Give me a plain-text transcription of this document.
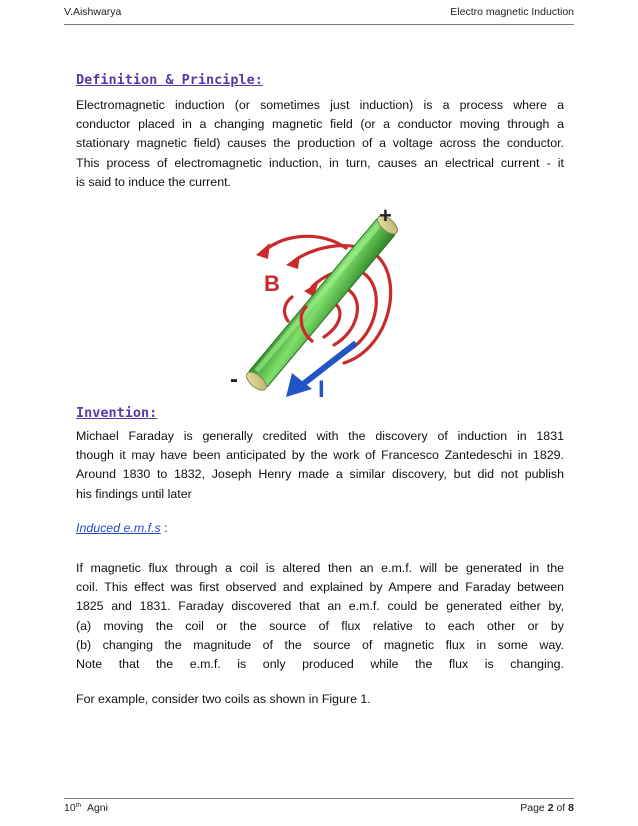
V.Aishwarya	Electro magnetic Induction
Definition & Principle:
Electromagnetic induction (or sometimes just induction) is a process where a
conductor placed in a changing magnetic field (or a conductor moving through a
stationary magnetic field) causes the production of a voltage across the conductor.
This process of electromagnetic induction, in turn, causes an electrical current - it
is said to induce the current.
+
-
B
I
Invention:
Michael Faraday is generally credited with the discovery of induction in 1831
though it may have been anticipated by the work of Francesco Zantedeschi in 1829.
Around 1830 to 1832, Joseph Henry made a similar discovery, but did not publish
his findings until later
Induced e.m.f.s :
If magnetic flux through a coil is altered then an e.m.f. will be generated in the
coil. This effect was first observed and explained by Ampere and Faraday between
1825 and 1831. Faraday discovered that an e.m.f. could be generated either by,
(a) moving the coil or the source of flux relative to each other or by
(b) changing the magnitude of the source of magnetic flux in some way.
Note that the e.m.f. is only produced while the flux is changing.
For example, consider two coils as shown in Figure 1.
10th Agni	Page 2 of 8
